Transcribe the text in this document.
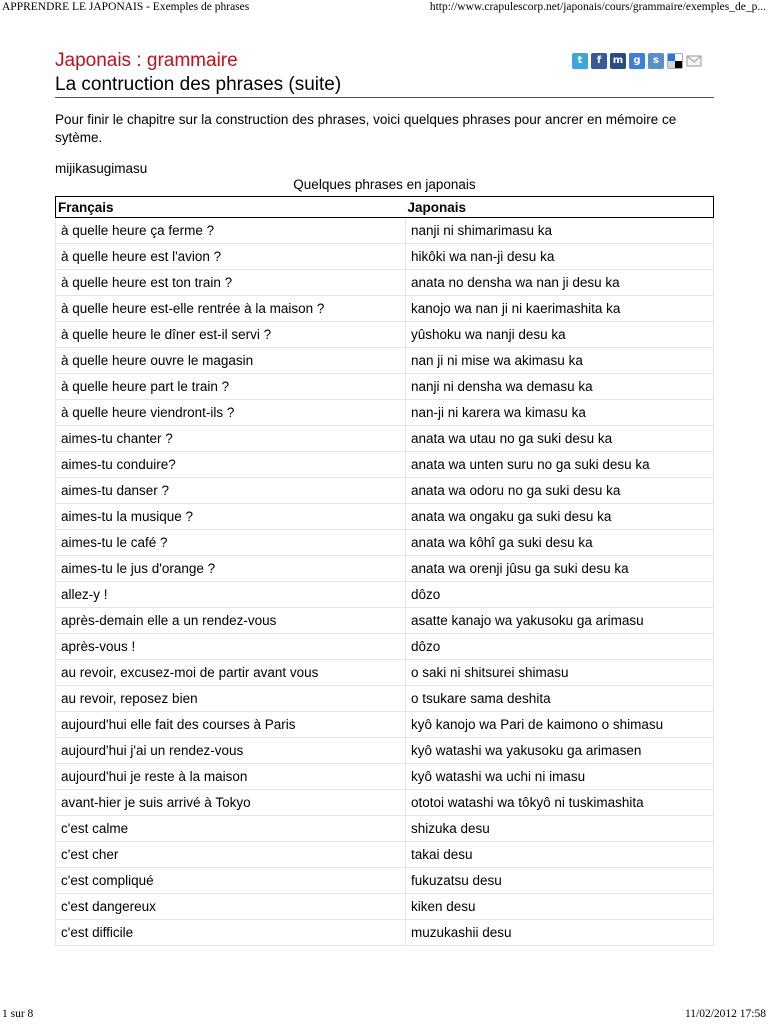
APPRENDRE LE JAPONAIS - Exemples de phrases	http://www.crapulescorp.net/japonais/cours/grammaire/exemples_de_p...
Japonais : grammaire
La contruction des phrases (suite)
t	f	m	g	s
Pour finir le chapitre sur la construction des phrases, voici quelques phrases pour ancrer en mémoire ce sytème.
mijikasugimasu
Quelques phrases en japonais
Français	Japonais
à quelle heure ça ferme ?	nanji ni shimarimasu ka
à quelle heure est l'avion ?	hikôki wa nan-ji desu ka
à quelle heure est ton train ?	anata no densha wa nan ji desu ka
à quelle heure est-elle rentrée à la maison ?	kanojo wa nan ji ni kaerimashita ka
à quelle heure le dîner est-il servi ?	yûshoku wa nanji desu ka
à quelle heure ouvre le magasin	nan ji ni mise wa akimasu ka
à quelle heure part le train ?	nanji ni densha wa demasu ka
à quelle heure viendront-ils ?	nan-ji ni karera wa kimasu ka
aimes-tu chanter ?	anata wa utau no ga suki desu ka
aimes-tu conduire?	anata wa unten suru no ga suki desu ka
aimes-tu danser ?	anata wa odoru no ga suki desu ka
aimes-tu la musique ?	anata wa ongaku ga suki desu ka
aimes-tu le café ?	anata wa kôhî ga suki desu ka
aimes-tu le jus d'orange ?	anata wa orenji jûsu ga suki desu ka
allez-y !	dôzo
après-demain elle a un rendez-vous	asatte kanajo wa yakusoku ga arimasu
après-vous !	dôzo
au revoir, excusez-moi de partir avant vous	o saki ni shitsurei shimasu
au revoir, reposez bien	o tsukare sama deshita
aujourd'hui elle fait des courses à Paris	kyô kanojo wa Pari de kaimono o shimasu
aujourd'hui j'ai un rendez-vous	kyô watashi wa yakusoku ga arimasen
aujourd'hui je reste à la maison	kyô watashi wa uchi ni imasu
avant-hier je suis arrivé à Tokyo	ototoi watashi wa tôkyô ni tuskimashita
c'est calme	shizuka desu
c'est cher	takai desu
c'est compliqué	fukuzatsu desu
c'est dangereux	kiken desu
c'est difficile	muzukashii desu
1 sur 8	11/02/2012 17:58
